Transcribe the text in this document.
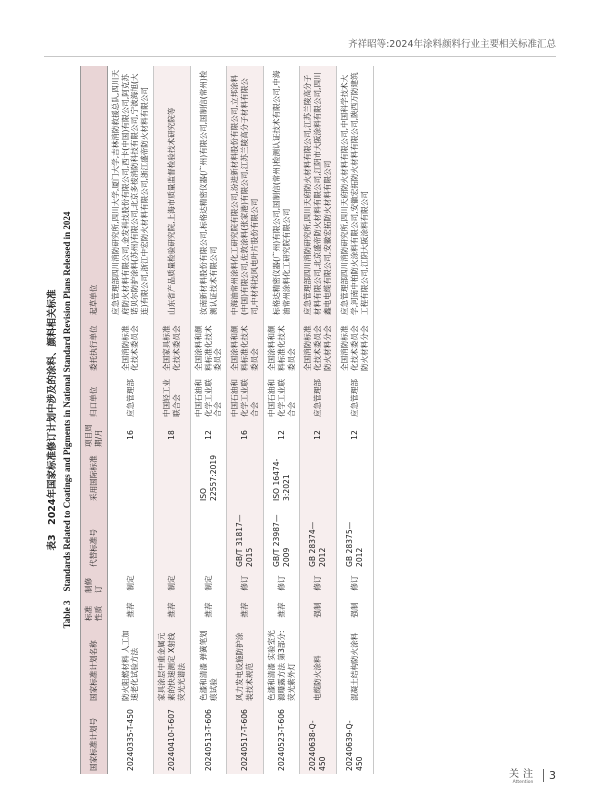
齐祥昭等:2024年涂料颜料行业主要相关标准汇总
表3　2024年国家标准修订计划中涉及的涂料、颜料相关标准 Table 3　Standards Related to Coatings and Pigments in National Standard Revision Plans Released in 2024
国家标准计划号	国家标准计划名称	标准性质	制修订	代替标准号	采用国际标准	项目周期/月	归口单位	委托执行单位	起草单位
20240335-T-450	防火阻燃材料 人工加速老化试验方法	推荐	制定			16	应急管理部	全国消防标准化技术委员会	应急管理部四川消防研究所,四川大学,厦门大学,吉林消防救援总队,四川天府防火材料有限公司,金发科技股份有限公司,西卡(中国)有限公司,阿克苏诺贝尔防护涂料(苏州)有限公司,北京多棱消防科技有限公司,宁波海旭(大连)有限公司,浙江中宏防火材料有限公司,浙江盛帝防火材料有限公司
20240410-T-607	家具涂层中重金属元素的快速测定 X射线荧光光谱法	推荐	制定			18	中国轻工业联合会	全国家具标准化技术委员会	山东省产品质量检验研究院,上海市质量监督检验技术研究院等
20240513-T-606	色漆和清漆 弹簧笔划痕试验	推荐	制定		ISO 22557:2019	12	中国石油和化学工业联合会	全国涂料和颜料标准化技术委员会	汝南新材料股份有限公司,标格达精密仪器(广州)有限公司,国制信(常州)检测认证技术有限公司
20240517-T-606	风力发电设施防护涂装技术规范	推荐	修订	GB/T 31817—2015		16	中国石油和化学工业联合会	全国涂料和颜料标准化技术委员会	中海油常州涂料化工研究院有限公司,汾进新材料股份有限公司,立邦涂料(中国)有限公司,佐敦涂料(张家港)有限公司,江苏兰陵高分子材料有限公司,中材科技风电叶片股份有限公司
20240523-T-606	色漆和清漆 实验室光源曝露方法 第3部分:荧光紫外灯	推荐	修订	GB/T 23987—2009	ISO 16474-3:2021	12	中国石油和化学工业联合会	全国涂料和颜料标准化技术委员会	标格达精密仪器(广州)有限公司,国制信(常州)检测认证技术有限公司,中海油常州涂料化工研究院有限公司
20240638-Q-450	电缆防火涂料	强制	修订	GB 28374—2012		12	应急管理部	全国消防标准化技术委员会防火材料分会	应急管理部四川消防研究所,四川天府防火材料有限公司,江苏兰陵高分子材料有限公司,北京盛帝防火材料有限公司,江阴市大阪涂料有限公司,四川鑫电电缆有限公司,安徽宏拓防火材料有限公司
20240639-Q-450	混凝土结构防火涂料	强制	修订	GB 28375—2012		12	应急管理部	全国消防标准化技术委员会防火材料分会	应急管理部四川消防研究所,四川天府防火材料有限公司,中国科学技术大学,河南中柏防火涂料有限公司,安徽宏拓防火材料有限公司,陕西万防建筑工程有限公司,江阴大阪涂料有限公司
关注
Attention
3
